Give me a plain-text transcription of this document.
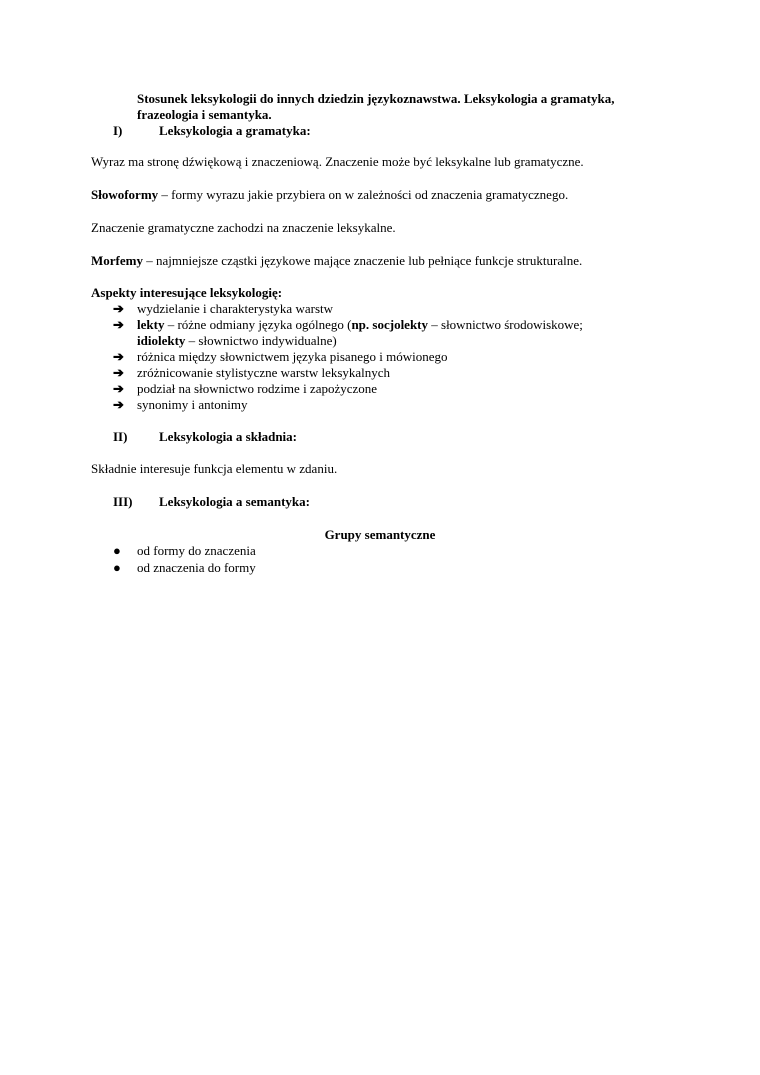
Stosunek leksykologii do innych dziedzin językoznawstwa. Leksykologia a gramatyka,
frazeologia i semantyka.
I)	Leksykologia a gramatyka:
Wyraz ma stronę dźwiękową i znaczeniową. Znaczenie może być leksykalne lub gramatyczne.
Słowoformy – formy wyrazu jakie przybiera on w zależności od znaczenia gramatycznego.
Znaczenie gramatyczne zachodzi na znaczenie leksykalne.
Morfemy – najmniejsze cząstki językowe mające znaczenie lub pełniące funkcje strukturalne.
Aspekty interesujące leksykologię:
➔ wydzielanie i charakterystyka warstw
➔ lekty – różne odmiany języka ogólnego (np. socjolekty – słownictwo środowiskowe;
idiolekty – słownictwo indywidualne)
➔ różnica między słownictwem języka pisanego i mówionego
➔ zróżnicowanie stylistyczne warstw leksykalnych
➔ podział na słownictwo rodzime i zapożyczone
➔ synonimy i antonimy
II) Leksykologia a składnia:
Składnie interesuje funkcja elementu w zdaniu.
III) Leksykologia a semantyka:
Grupy semantyczne
● od formy do znaczenia
● od znaczenia do formy
